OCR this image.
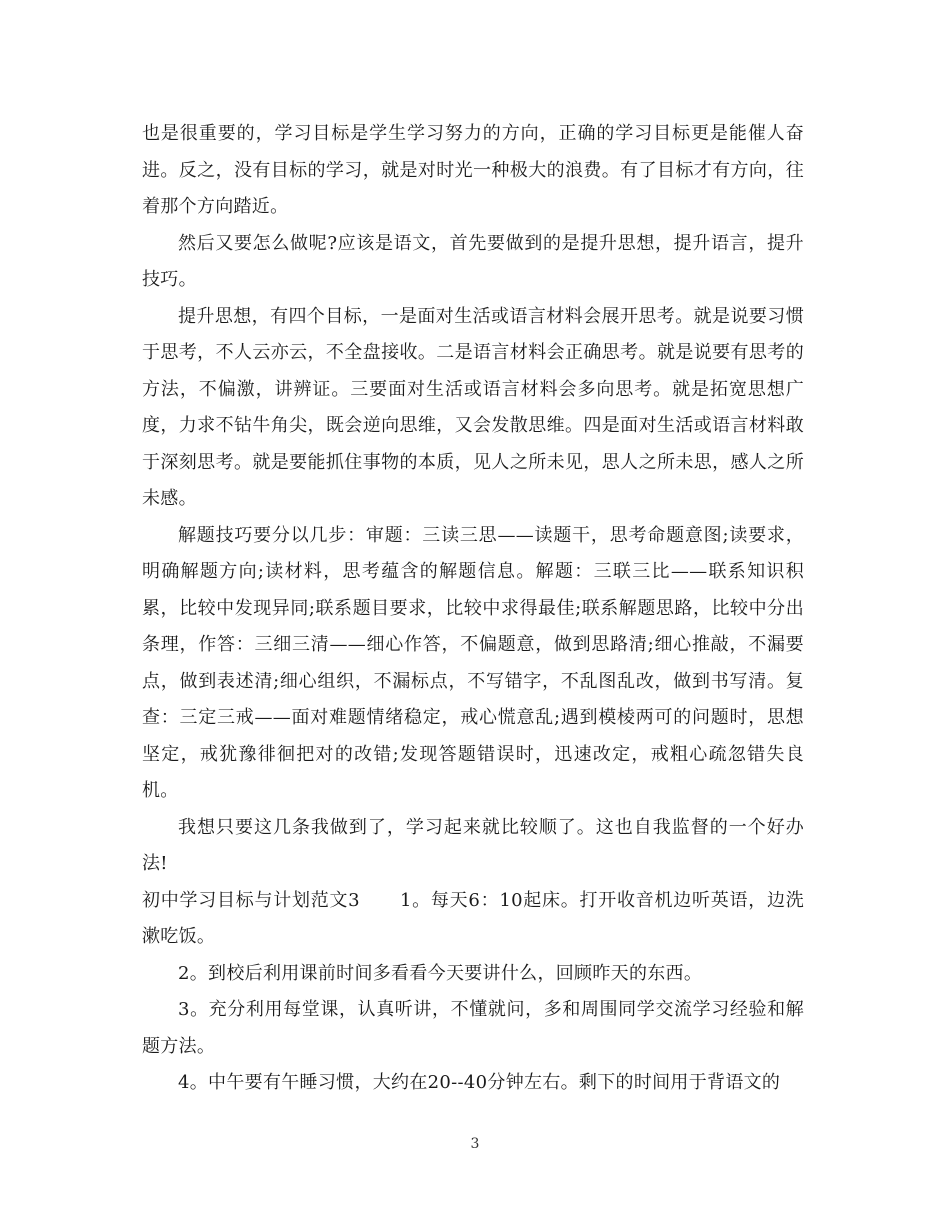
也是很重要的，学习目标是学生学习努力的方向，正确的学习目标更是能催人奋进。反之，没有目标的学习，就是对时光一种极大的浪费。有了目标才有方向，往着那个方向踏近。

然后又要怎么做呢?应该是语文，首先要做到的是提升思想，提升语言，提升技巧。

提升思想，有四个目标，一是面对生活或语言材料会展开思考。就是说要习惯于思考，不人云亦云，不全盘接收。二是语言材料会正确思考。就是说要有思考的方法，不偏激，讲辨证。三要面对生活或语言材料会多向思考。就是拓宽思想广度，力求不钻牛角尖，既会逆向思维，又会发散思维。四是面对生活或语言材料敢于深刻思考。就是要能抓住事物的本质，见人之所未见，思人之所未思，感人之所未感。

解题技巧要分以几步：审题：三读三思——读题干，思考命题意图;读要求，明确解题方向;读材料，思考蕴含的解题信息。解题：三联三比——联系知识积累，比较中发现异同;联系题目要求，比较中求得最佳;联系解题思路，比较中分出条理，作答：三细三清——细心作答，不偏题意，做到思路清;细心推敲，不漏要点，做到表述清;细心组织，不漏标点，不写错字，不乱图乱改，做到书写清。复查：三定三戒——面对难题情绪稳定，戒心慌意乱;遇到模棱两可的问题时，思想坚定，戒犹豫徘徊把对的改错;发现答题错误时，迅速改定，戒粗心疏忽错失良机。

我想只要这几条我做到了，学习起来就比较顺了。这也自我监督的一个好办法!

初中学习目标与计划范文3 1。每天6：10起床。打开收音机边听英语，边洗漱吃饭。

2。到校后利用课前时间多看看今天要讲什么，回顾昨天的东西。

3。充分利用每堂课，认真听讲，不懂就问，多和周围同学交流学习经验和解题方法。

4。中午要有午睡习惯，大约在20--40分钟左右。剩下的时间用于背语文的

3
